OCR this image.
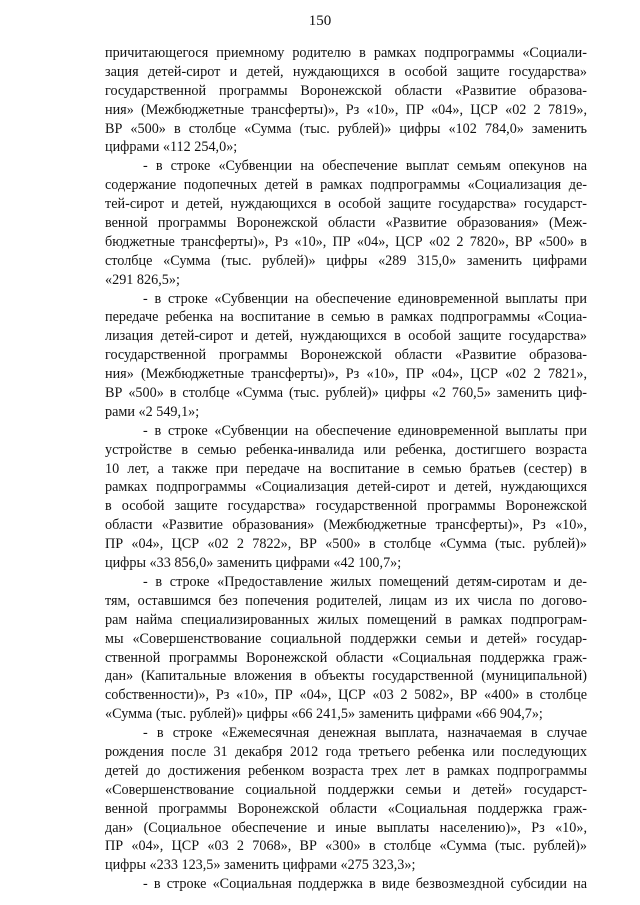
150
причитающегося приемному родителю в рамках подпрограммы «Социали-
зация детей-сирот и детей, нуждающихся в особой защите государства»
государственной программы Воронежской области «Развитие образова-
ния» (Межбюджетные трансферты)», Рз «10», ПР «04», ЦСР «02 2 7819»,
ВР «500» в столбце «Сумма (тыс. рублей)» цифры «102 784,0» заменить
цифрами «112 254,0»;
- в строке «Субвенции на обеспечение выплат семьям опекунов на
содержание подопечных детей в рамках подпрограммы «Социализация де-
тей-сирот и детей, нуждающихся в особой защите государства» государст-
венной программы Воронежской области «Развитие образования» (Меж-
бюджетные трансферты)», Рз «10», ПР «04», ЦСР «02 2 7820», ВР «500» в
столбце «Сумма (тыс. рублей)» цифры «289 315,0» заменить цифрами
«291 826,5»;
- в строке «Субвенции на обеспечение единовременной выплаты при
передаче ребенка на воспитание в семью в рамках подпрограммы «Социа-
лизация детей-сирот и детей, нуждающихся в особой защите государства»
государственной программы Воронежской области «Развитие образова-
ния» (Межбюджетные трансферты)», Рз «10», ПР «04», ЦСР «02 2 7821»,
ВР «500» в столбце «Сумма (тыс. рублей)» цифры «2 760,5» заменить циф-
рами «2 549,1»;
- в строке «Субвенции на обеспечение единовременной выплаты при
устройстве в семью ребенка-инвалида или ребенка, достигшего возраста
10 лет, а также при передаче на воспитание в семью братьев (сестер) в
рамках подпрограммы «Социализация детей-сирот и детей, нуждающихся
в особой защите государства» государственной программы Воронежской
области «Развитие образования» (Межбюджетные трансферты)», Рз «10»,
ПР «04», ЦСР «02 2 7822», ВР «500» в столбце «Сумма (тыс. рублей)»
цифры «33 856,0» заменить цифрами «42 100,7»;
- в строке «Предоставление жилых помещений детям-сиротам и де-
тям, оставшимся без попечения родителей, лицам из их числа по догово-
рам найма специализированных жилых помещений в рамках подпрограм-
мы «Совершенствование социальной поддержки семьи и детей» государ-
ственной программы Воронежской области «Социальная поддержка граж-
дан» (Капитальные вложения в объекты государственной (муниципальной)
собственности)», Рз «10», ПР «04», ЦСР «03 2 5082», ВР «400» в столбце
«Сумма (тыс. рублей)» цифры «66 241,5» заменить цифрами «66 904,7»;
- в строке «Ежемесячная денежная выплата, назначаемая в случае
рождения после 31 декабря 2012 года третьего ребенка или последующих
детей до достижения ребенком возраста трех лет в рамках подпрограммы
«Совершенствование социальной поддержки семьи и детей» государст-
венной программы Воронежской области «Социальная поддержка граж-
дан» (Социальное обеспечение и иные выплаты населению)», Рз «10»,
ПР «04», ЦСР «03 2 7068», ВР «300» в столбце «Сумма (тыс. рублей)»
цифры «233 123,5» заменить цифрами «275 323,3»;
- в строке «Социальная поддержка в виде безвозмездной субсидии на
